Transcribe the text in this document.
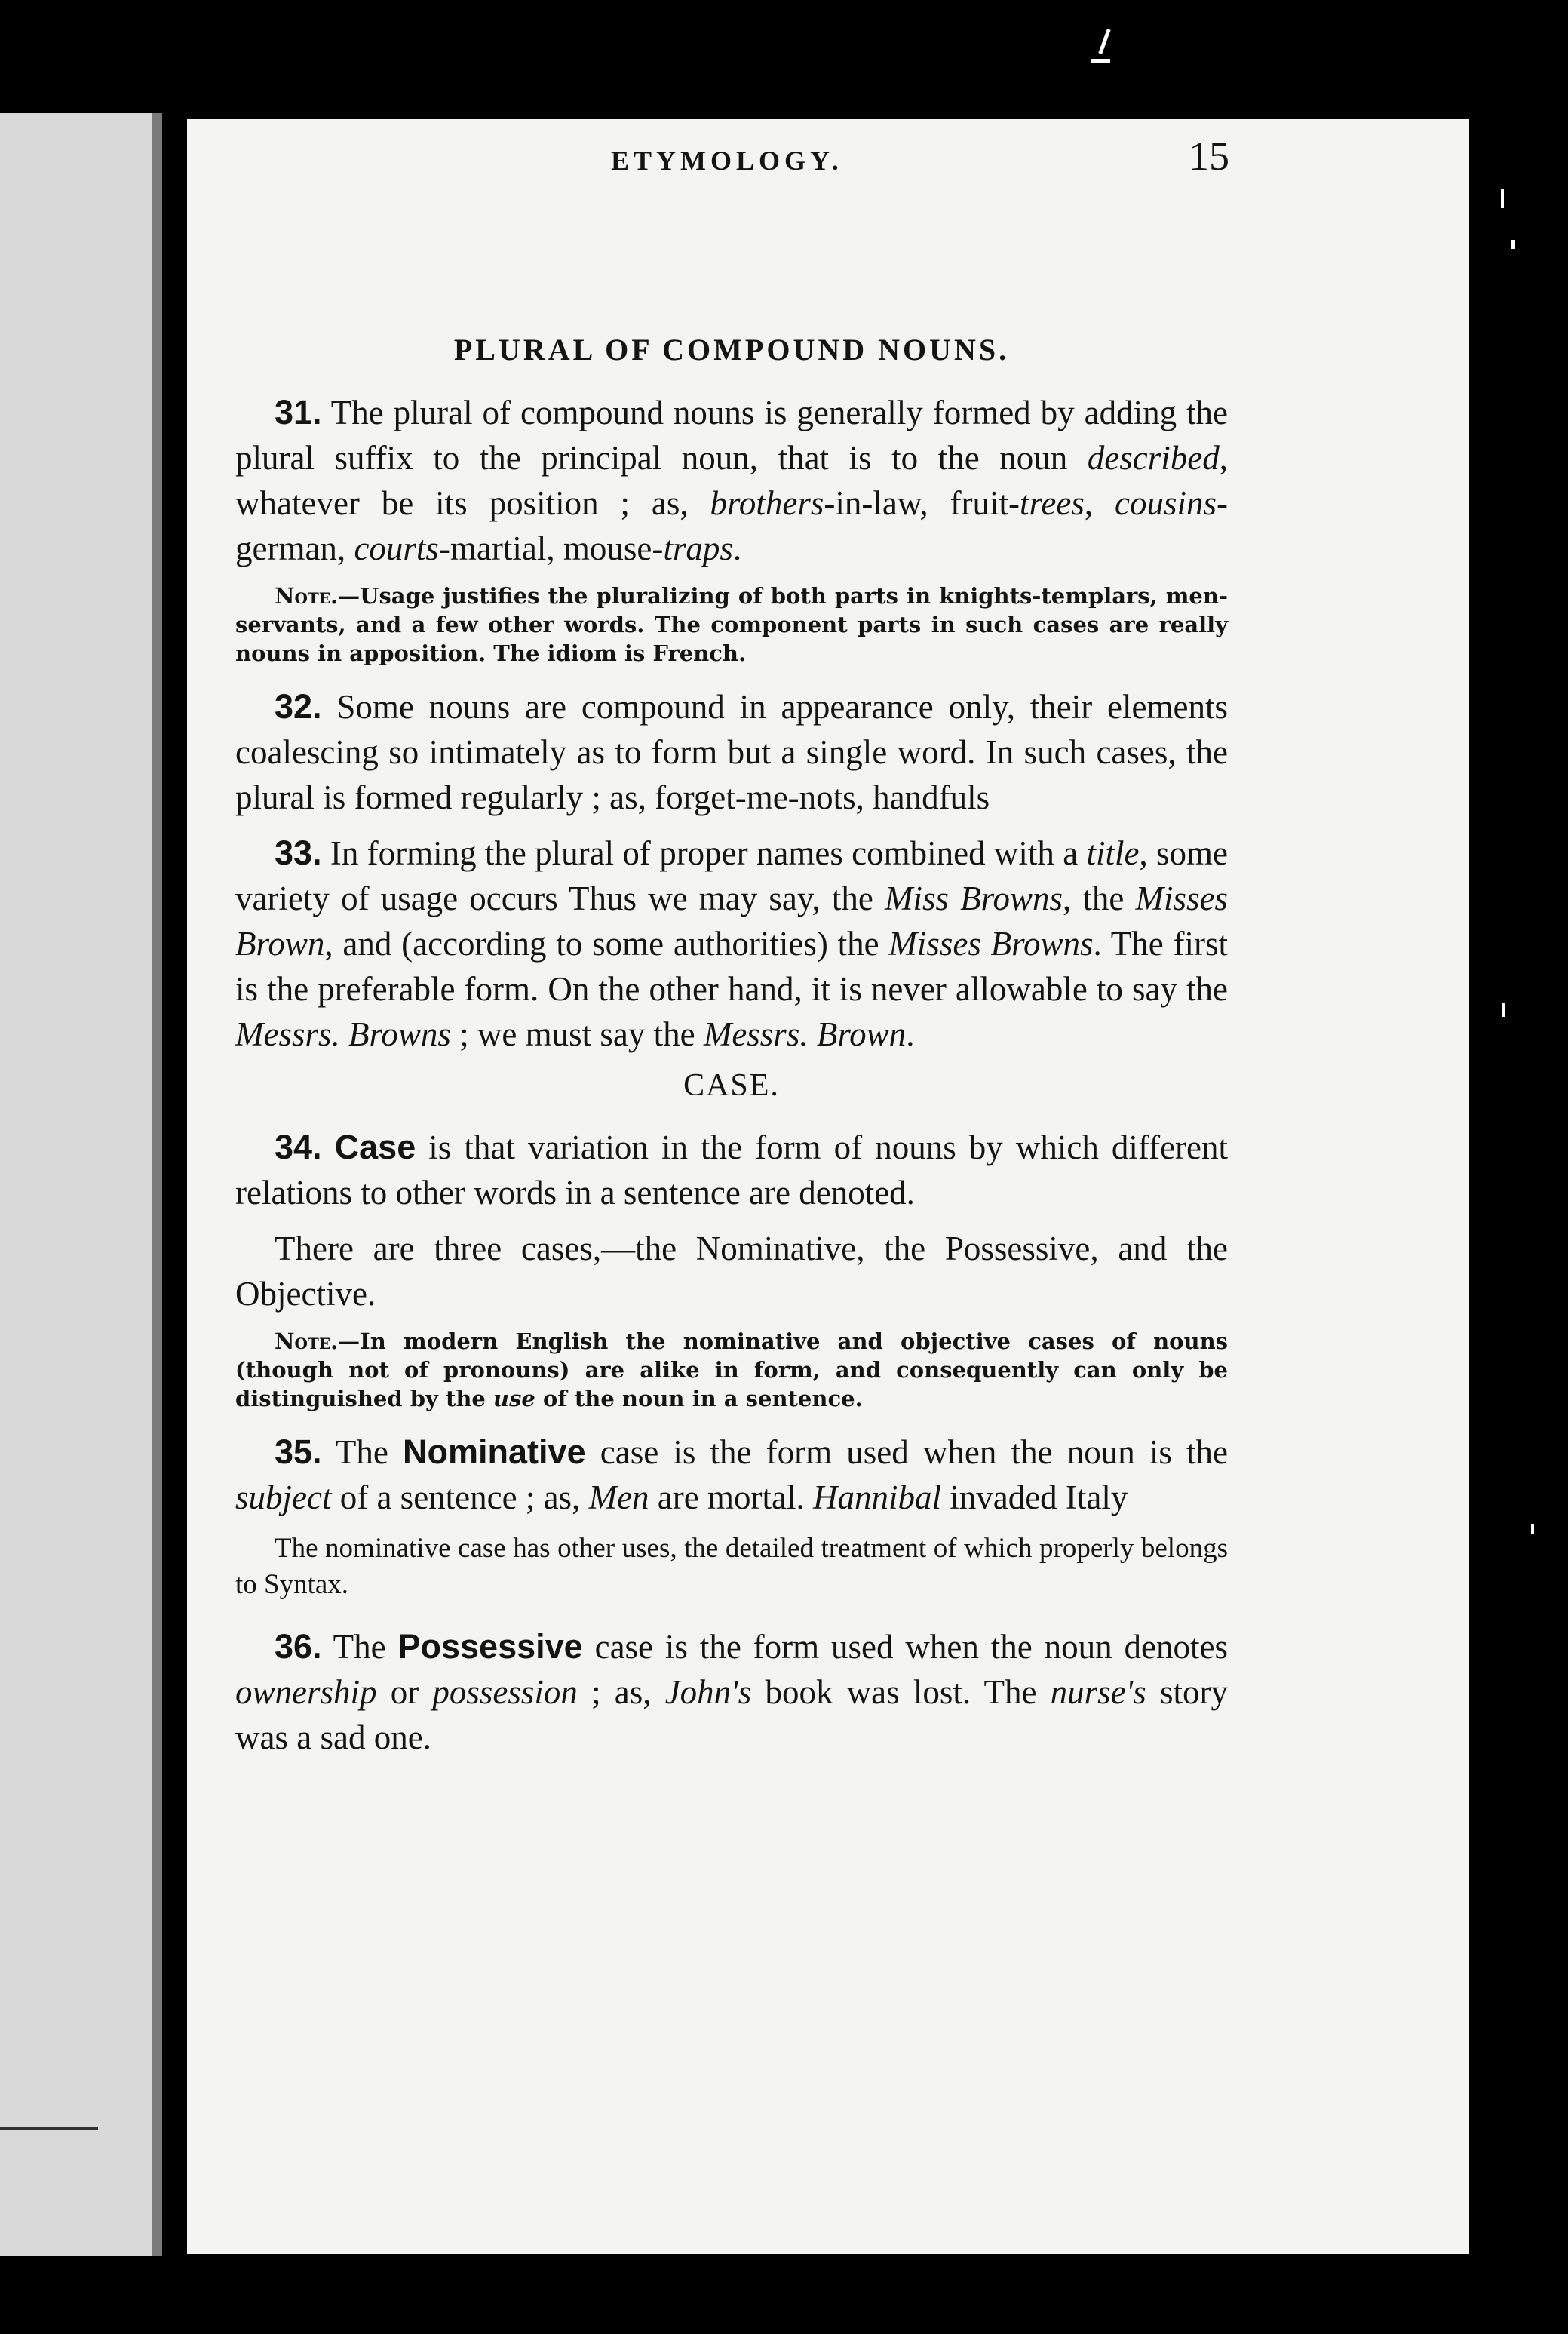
ETYMOLOGY.	15
PLURAL OF COMPOUND NOUNS.

31. The plural of compound nouns is generally formed by adding the plural suffix to the principal noun, that is to the noun described, whatever be its position ; as, brothers-in-law, fruit-trees, cousins-german, courts-martial, mouse-traps.

Note.—Usage justifies the pluralizing of both parts in knights-templars, men-servants, and a few other words. The component parts in such cases are really nouns in apposition. The idiom is French.

32. Some nouns are compound in appearance only, their elements coalescing so intimately as to form but a single word. In such cases, the plural is formed regularly ; as, forget-me-nots, handfuls

33. In forming the plural of proper names combined with a title, some variety of usage occurs Thus we may say, the Miss Browns, the Misses Brown, and (according to some authorities) the Misses Browns. The first is the preferable form. On the other hand, it is never allowable to say the Messrs. Browns ; we must say the Messrs. Brown.

CASE.

34. Case is that variation in the form of nouns by which different relations to other words in a sentence are denoted.

There are three cases,—the Nominative, the Possessive, and the Objective.

Note.—In modern English the nominative and objective cases of nouns (though not of pronouns) are alike in form, and consequently can only be distinguished by the use of the noun in a sentence.

35. The Nominative case is the form used when the noun is the subject of a sentence ; as, Men are mortal. Hannibal invaded Italy

The nominative case has other uses, the detailed treatment of which properly belongs to Syntax.

36. The Possessive case is the form used when the noun denotes ownership or possession ; as, John's book was lost. The nurse's story was a sad one.
